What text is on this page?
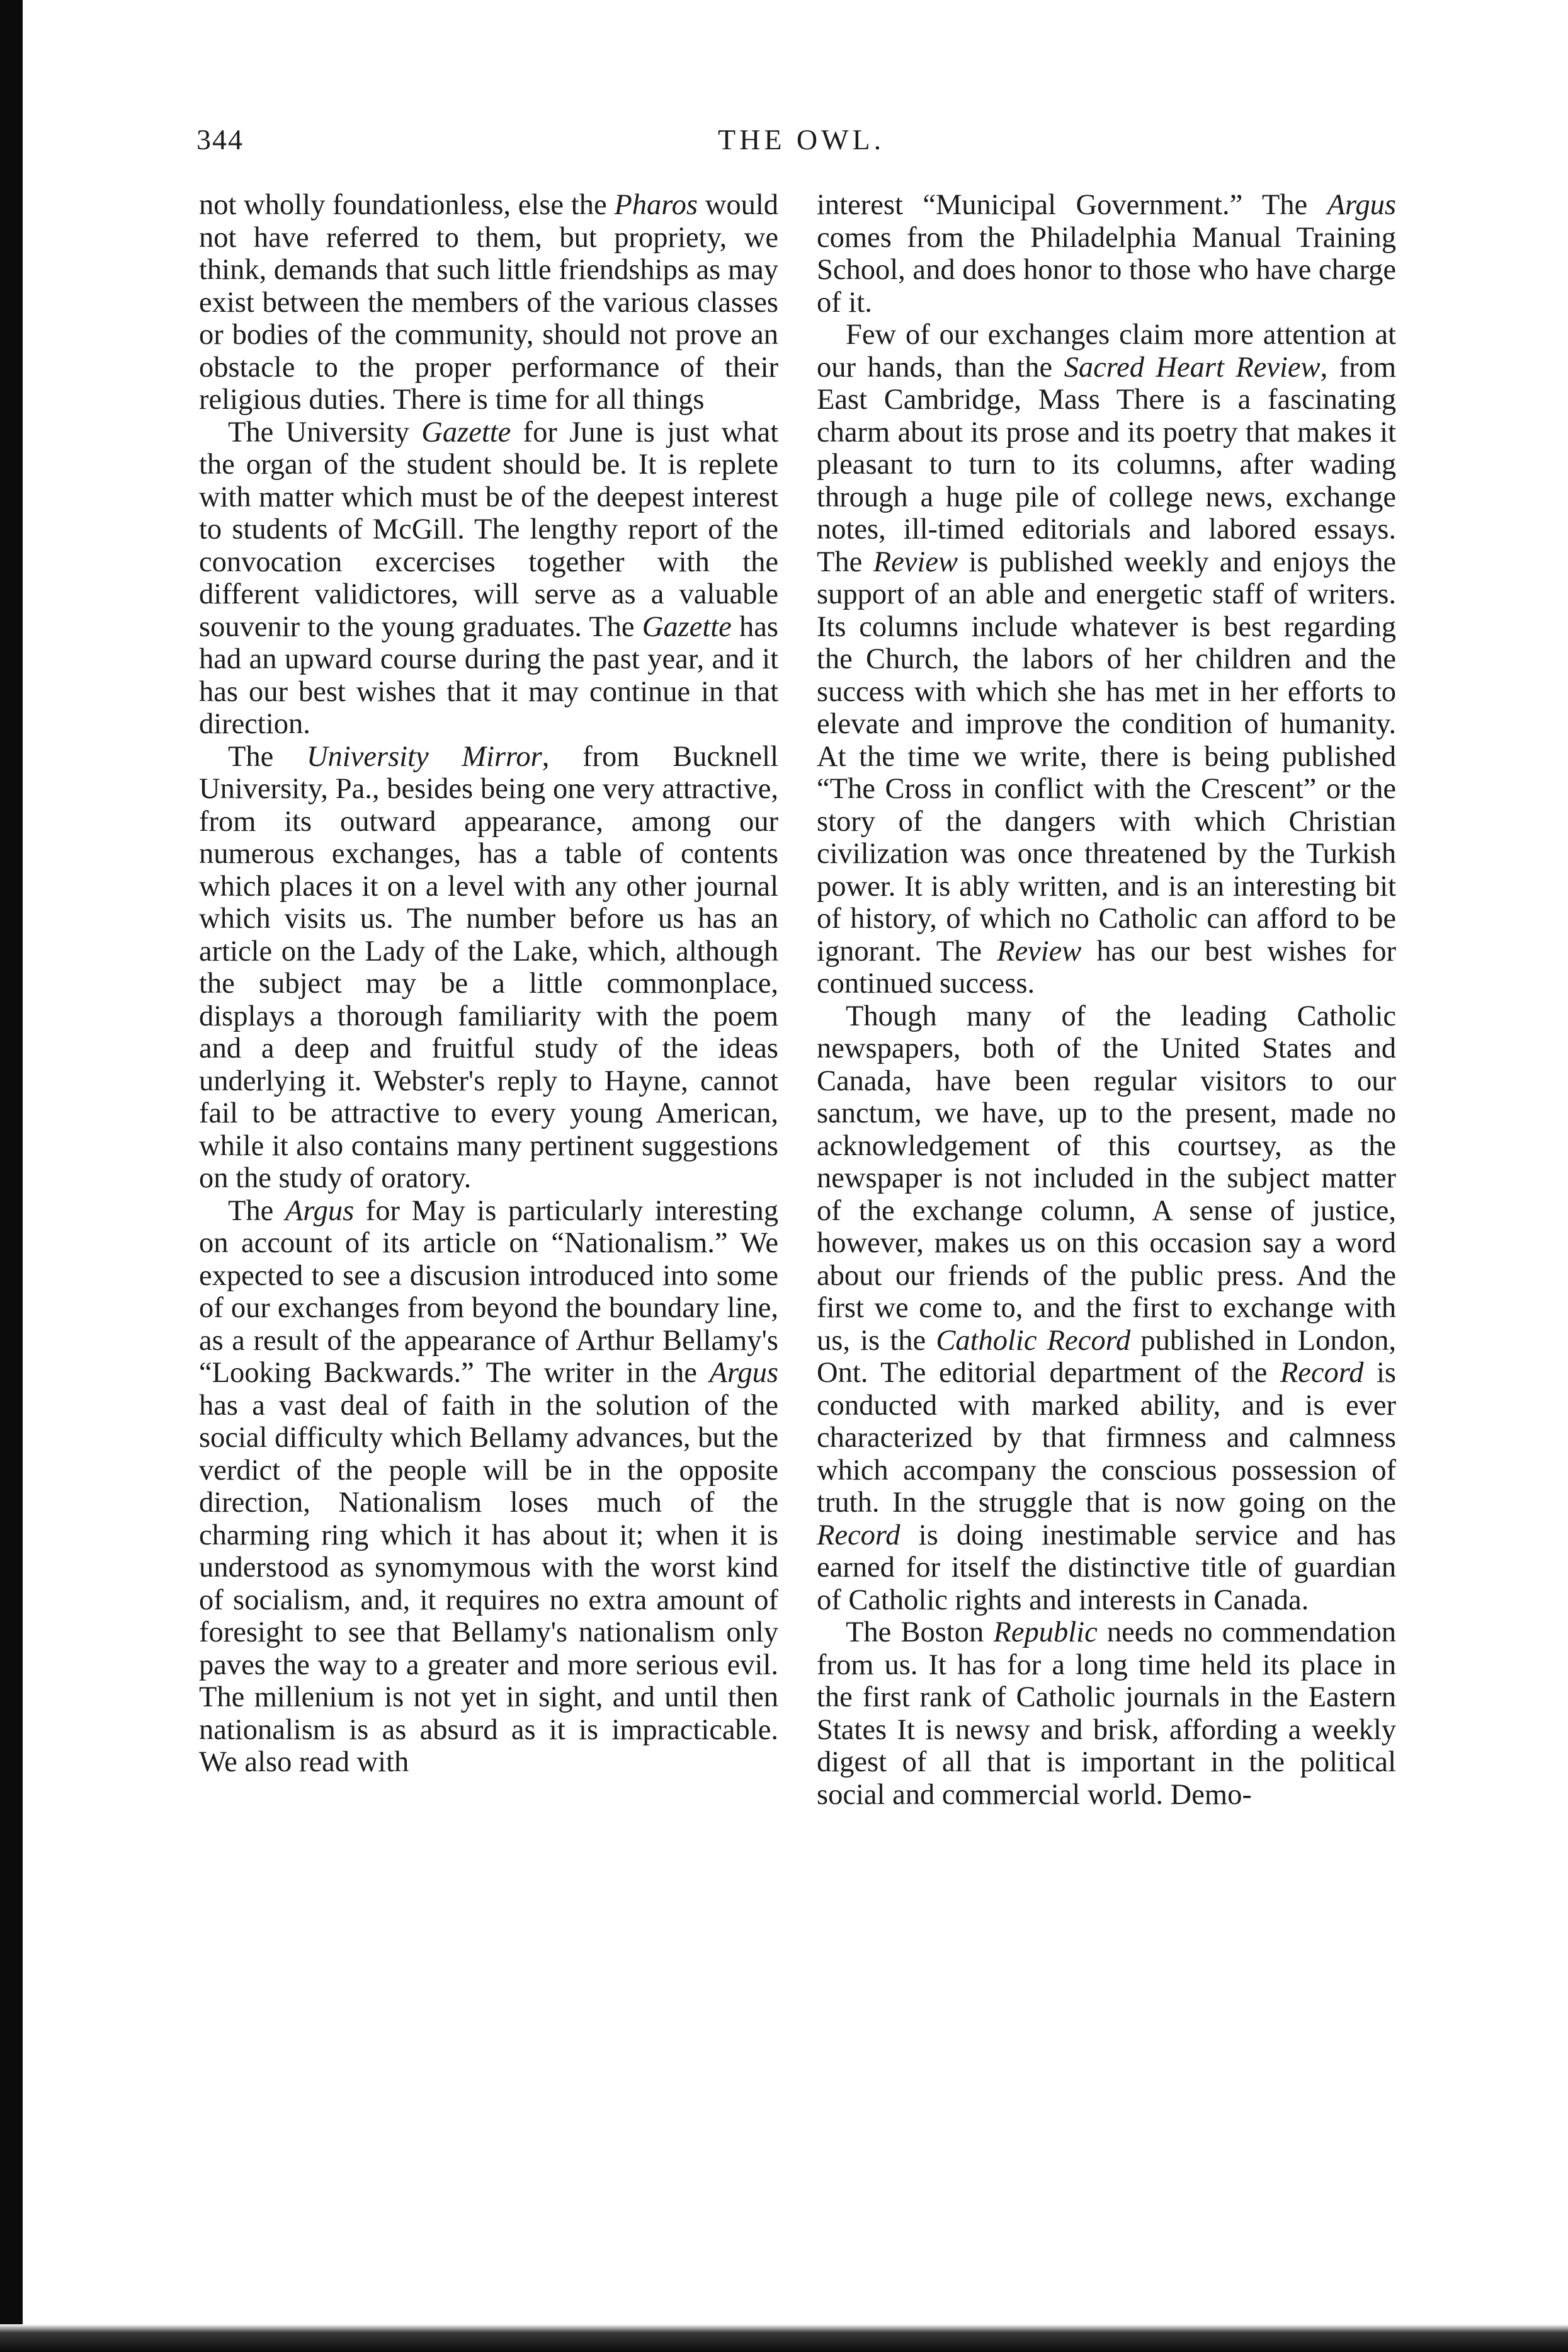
344	THE OWL.

not wholly foundationless, else the Pharos would not have referred to them, but propriety, we think, demands that such little friendships as may exist between the members of the various classes or bodies of the community, should not prove an obstacle to the proper performance of their religious duties. There is time for all things

The University Gazette for June is just what the organ of the student should be. It is replete with matter which must be of the deepest interest to students of McGill. The lengthy report of the convocation excercises together with the different validictores, will serve as a valuable souvenir to the young graduates. The Gazette has had an upward course during the past year, and it has our best wishes that it may continue in that direction.

The University Mirror, from Bucknell University, Pa., besides being one very attractive, from its outward appearance, among our numerous exchanges, has a table of contents which places it on a level with any other journal which visits us. The number before us has an article on the Lady of the Lake, which, although the subject may be a little commonplace, displays a thorough familiarity with the poem and a deep and fruitful study of the ideas underlying it. Webster's reply to Hayne, cannot fail to be attractive to every young American, while it also contains many pertinent suggestions on the study of oratory.

The Argus for May is particularly interesting on account of its article on “Nationalism.” We expected to see a discusion introduced into some of our exchanges from beyond the boundary line, as a result of the appearance of Arthur Bellamy's “Looking Backwards.” The writer in the Argus has a vast deal of faith in the solution of the social difficulty which Bellamy advances, but the verdict of the people will be in the opposite direction, Nationalism loses much of the charming ring which it has about it; when it is understood as synomymous with the worst kind of socialism, and, it requires no extra amount of foresight to see that Bellamy's nationalism only paves the way to a greater and more serious evil. The millenium is not yet in sight, and until then nationalism is as absurd as it is impracticable. We also read with

interest “Municipal Government.” The Argus comes from the Philadelphia Manual Training School, and does honor to those who have charge of it.

Few of our exchanges claim more attention at our hands, than the Sacred Heart Review, from East Cambridge, Mass There is a fascinating charm about its prose and its poetry that makes it pleasant to turn to its columns, after wading through a huge pile of college news, exchange notes, ill-timed editorials and labored essays. The Review is published weekly and enjoys the support of an able and energetic staff of writers. Its columns include whatever is best regarding the Church, the labors of her children and the success with which she has met in her efforts to elevate and improve the condition of humanity. At the time we write, there is being published “The Cross in conflict with the Crescent” or the story of the dangers with which Christian civilization was once threatened by the Turkish power. It is ably written, and is an interesting bit of history, of which no Catholic can afford to be ignorant. The Review has our best wishes for continued success.

Though many of the leading Catholic newspapers, both of the United States and Canada, have been regular visitors to our sanctum, we have, up to the present, made no acknowledgement of this courtsey, as the newspaper is not included in the subject matter of the exchange column, A sense of justice, however, makes us on this occasion say a word about our friends of the public press. And the first we come to, and the first to exchange with us, is the Catholic Record published in London, Ont. The editorial department of the Record is conducted with marked ability, and is ever characterized by that firmness and calmness which accompany the conscious possession of truth. In the struggle that is now going on the Record is doing inestimable service and has earned for itself the distinctive title of guardian of Catholic rights and interests in Canada.

The Boston Republic needs no commendation from us. It has for a long time held its place in the first rank of Catholic journals in the Eastern States It is newsy and brisk, affording a weekly digest of all that is important in the political social and commercial world. Demo-
